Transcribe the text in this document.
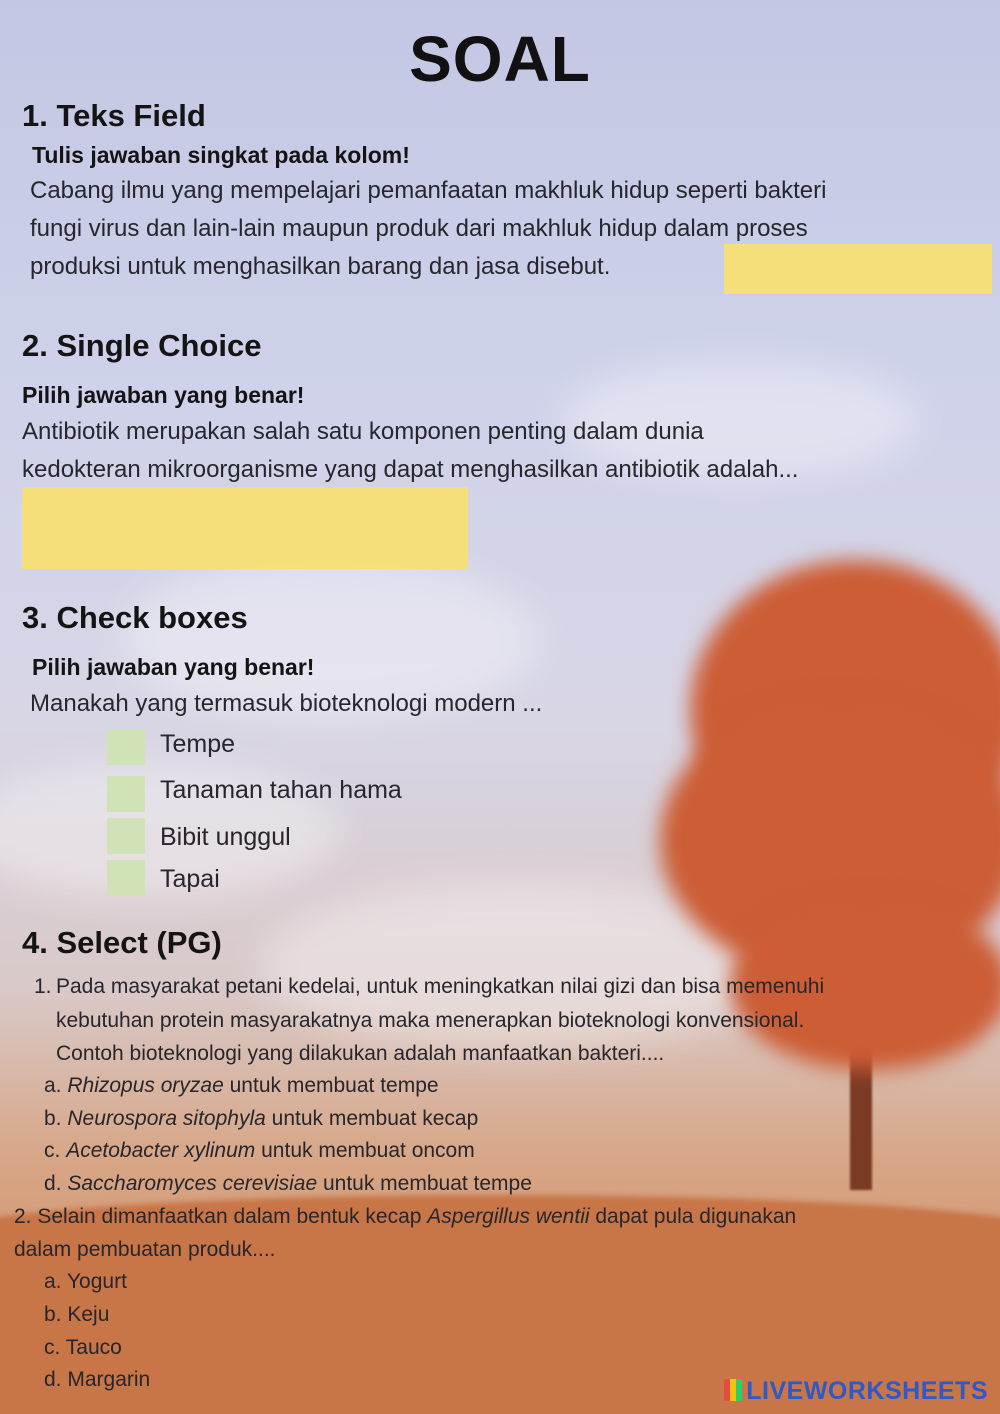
SOAL
1. Teks Field
Tulis jawaban singkat pada kolom!
Cabang ilmu yang mempelajari pemanfaatan makhluk hidup seperti bakteri
fungi virus dan lain-lain maupun produk dari makhluk hidup dalam proses
produksi untuk menghasilkan barang dan jasa disebut.
2. Single Choice
Pilih jawaban yang benar!
Antibiotik merupakan salah satu komponen penting dalam dunia
kedokteran mikroorganisme yang dapat menghasilkan antibiotik adalah...
3. Check boxes
Pilih jawaban yang benar!
Manakah yang termasuk bioteknologi modern ...
Tempe
Tanaman tahan hama
Bibit unggul
Tapai
4. Select (PG)
1. Pada masyarakat petani kedelai, untuk meningkatkan nilai gizi dan bisa memenuhi
kebutuhan protein masyarakatnya maka menerapkan bioteknologi konvensional.
Contoh bioteknologi yang dilakukan adalah manfaatkan bakteri....
a. Rhizopus oryzae untuk membuat tempe
b. Neurospora sitophyla untuk membuat kecap
c. Acetobacter xylinum untuk membuat oncom
d. Saccharomyces cerevisiae untuk membuat tempe
2. Selain dimanfaatkan dalam bentuk kecap Aspergillus wentii dapat pula digunakan
dalam pembuatan produk....
a. Yogurt
b. Keju
c. Tauco
d. Margarin	LIVEWORKSHEETS
